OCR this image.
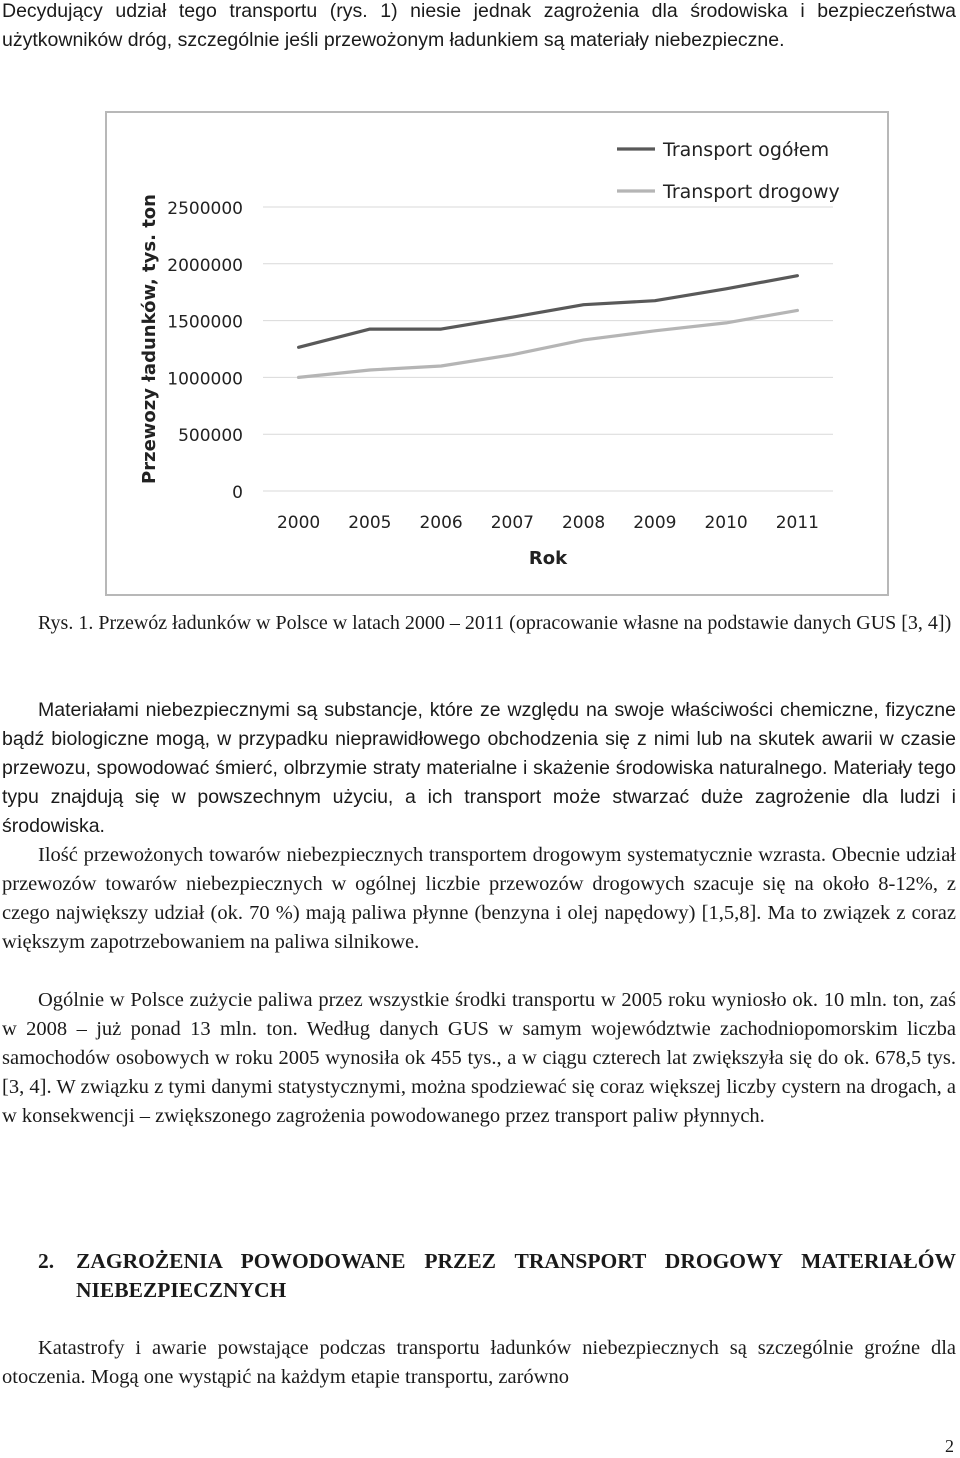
Decydujący udział tego transportu (rys. 1) niesie jednak zagrożenia dla środowiska i bezpieczeństwa użytkowników dróg, szczególnie jeśli przewożonym ładunkiem są materiały niebezpieczne.

0
500000
1000000
1500000
2000000
2500000
2000 2005 2006 2007 2008 2009 2010 2011
Rok
Przewozy ładunków, tys. ton
Transport ogółem
Transport drogowy

Rys. 1. Przewóz ładunków w Polsce w latach 2000 – 2011 (opracowanie własne na podstawie danych GUS [3, 4])

Materiałami niebezpiecznymi są substancje, które ze względu na swoje właściwości chemiczne, fizyczne bądź biologiczne mogą, w przypadku nieprawidłowego obchodzenia się z nimi lub na skutek awarii w czasie przewozu, spowodować śmierć, olbrzymie straty materialne i skażenie środowiska naturalnego. Materiały tego typu znajdują się w powszechnym użyciu, a ich transport może stwarzać duże zagrożenie dla ludzi i środowiska.

Ilość przewożonych towarów niebezpiecznych transportem drogowym systematycznie wzrasta. Obecnie udział przewozów towarów niebezpiecznych w ogólnej liczbie przewozów drogowych szacuje się na około 8-12%, z czego największy udział (ok. 70 %) mają paliwa płynne (benzyna i olej napędowy) [1,5,8]. Ma to związek z coraz większym zapotrzebowaniem na paliwa silnikowe.

Ogólnie w Polsce zużycie paliwa przez wszystkie środki transportu w 2005 roku wyniosło ok. 10 mln. ton, zaś w 2008 – już ponad 13 mln. ton. Według danych GUS w samym województwie zachodniopomorskim liczba samochodów osobowych w roku 2005 wynosiła ok 455 tys., a w ciągu czterech lat zwiększyła się do ok. 678,5 tys. [3, 4]. W związku z tymi danymi statystycznymi, można spodziewać się coraz większej liczby cystern na drogach, a w konsekwencji – zwiększonego zagrożenia powodowanego przez transport paliw płynnych.

2.	ZAGROŻENIA POWODOWANE PRZEZ TRANSPORT DROGOWY MATERIAŁÓW NIEBEZPIECZNYCH

Katastrofy i awarie powstające podczas transportu ładunków niebezpiecznych są szczególnie groźne dla otoczenia. Mogą one wystąpić na każdym etapie transportu, zarówno

2
